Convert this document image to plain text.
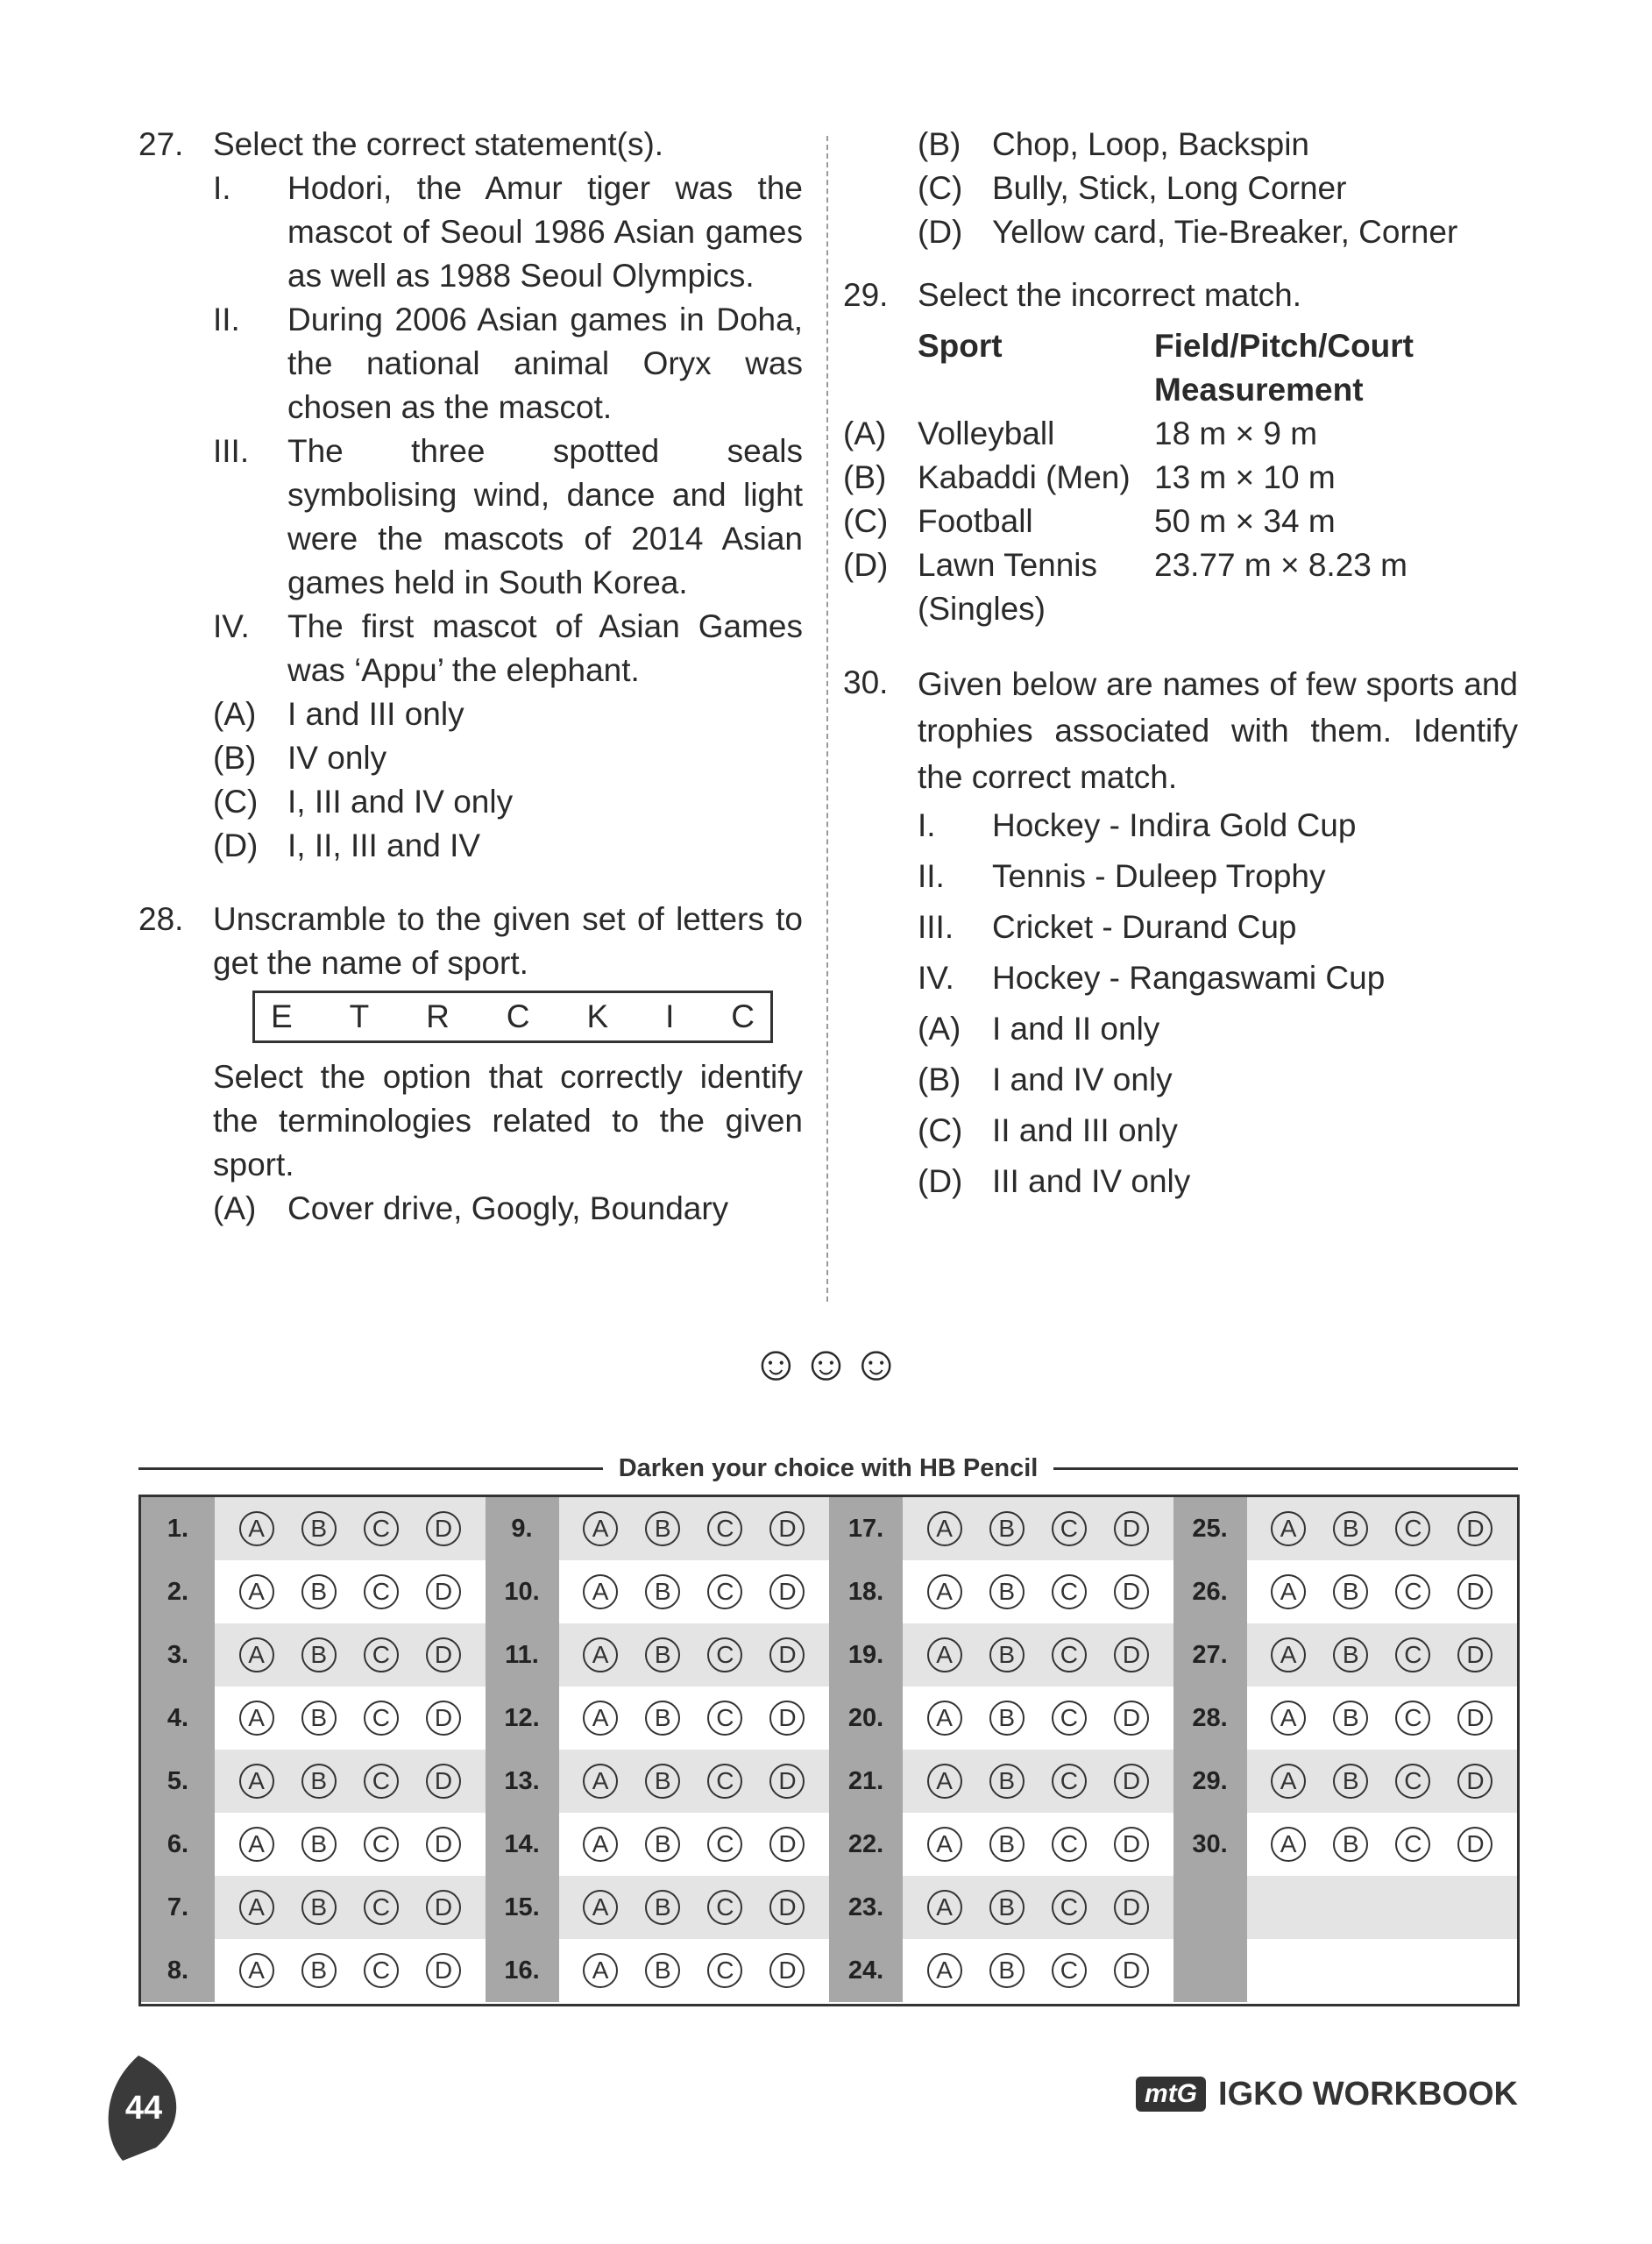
27. Select the correct statement(s).
I. Hodori, the Amur tiger was the mascot of Seoul 1986 Asian games as well as 1988 Seoul Olympics.
II. During 2006 Asian games in Doha, the national animal Oryx was chosen as the mascot.
III. The three spotted seals symbolising wind, dance and light were the mascots of 2014 Asian games held in South Korea.
IV. The first mascot of Asian Games was ‘Appu’ the elephant.
(A) I and III only
(B) IV only
(C) I, III and IV only
(D) I, II, III and IV
28. Unscramble to the given set of letters to get the name of sport.
E T R C K I C
Select the option that correctly identify the terminologies related to the given sport.
(A) Cover drive, Googly, Boundary
(B) Chop, Loop, Backspin
(C) Bully, Stick, Long Corner
(D) Yellow card, Tie-Breaker, Corner
29. Select the incorrect match.
Sport	Field/Pitch/Court
Measurement
(A) Volleyball	18 m × 9 m
(B) Kabaddi (Men) 13 m × 10 m
(C) Football	50 m × 34 m
(D) Lawn Tennis	23.77 m × 8.23 m
(Singles)
30. Given below are names of few sports and trophies associated with them. Identify the correct match.
I. Hockey - Indira Gold Cup
II. Tennis - Duleep Trophy
III. Cricket - Durand Cup
IV. Hockey - Rangaswami Cup
(A) I and II only
(B) I and IV only
(C) II and III only
(D) III and IV only
☺☺☺
Darken your choice with HB Pencil
1.	A	B	C	D	9.	A	B	C	D	17.	A	B	C	D	25.	A	B	C	D
2.	A	B	C	D	10.	A	B	C	D	18.	A	B	C	D	26.	A	B	C	D
3.	A	B	C	D	11.	A	B	C	D	19.	A	B	C	D	27.	A	B	C	D
4.	A	B	C	D	12.	A	B	C	D	20.	A	B	C	D	28.	A	B	C	D
5.	A	B	C	D	13.	A	B	C	D	21.	A	B	C	D	29.	A	B	C	D
6.	A	B	C	D	14.	A	B	C	D	22.	A	B	C	D	30.	A	B	C	D
7.	A	B	C	D	15.	A	B	C	D	23.	A	B	C	D
8.	A	B	C	D	16.	A	B	C	D	24.	A	B	C	D
44	mtG IGKO WORKBOOK
